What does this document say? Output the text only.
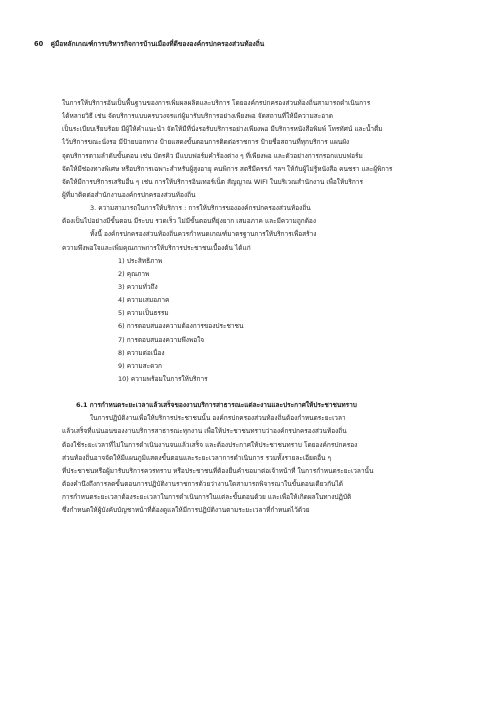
60 คู่มือหลักเกณฑ์การบริหารกิจการบ้านเมืองที่ดีขององค์กรปกครองส่วนท้องถิ่น
ในการให้บริการอันเป็นพื้นฐานของการเพิ่มผลผลิตและบริการ โดยองค์กรปกครองส่วนท้องถิ่นสามารถดำเนินการ
ได้หลายวิธี เช่น จัดบริการแบบครบวงจรแก่ผู้มารับบริการอย่างเพียงพอ จัดสถานที่ให้มีความสะอาด
เป็นระเบียบเรียบร้อย มีผู้ให้คำแนะนำ จัดให้มีที่นั่งรอรับบริการอย่างเพียงพอ มีบริการหนังสือพิมพ์ โทรทัศน์ และน้ำดื่ม
ไว้บริการขณะนั่งรอ มีป้ายบอกทาง ป้ายแสดงขั้นตอนการติดต่อราชการ ป้ายชื่อสถานที่ทุกบริการ แผนผัง
จุดบริการตามลำดับขั้นตอน เช่น บัตรคิว มีแบบฟอร์มคำร้องต่าง ๆ ที่เพียงพอ และตัวอย่างการกรอกแบบฟอร์ม
จัดให้มีช่องทางพิเศษ หรือบริการเฉพาะสำหรับผู้สูงอายุ คนพิการ สตรีมีครรภ์ ฯลฯ ให้กับผู้ไม่รู้หนังสือ คนชรา และผู้พิการ
จัดให้มีการบริการเสริมอื่น ๆ เช่น การให้บริการอินเทอร์เน็ต สัญญาณ WIFI ในบริเวณสำนักงาน เพื่อให้บริการ
ผู้ที่มาติดต่อสำนักงานองค์กรปกครองส่วนท้องถิ่น
3. ความสามารถในการให้บริการ : การให้บริการขององค์กรปกครองส่วนท้องถิ่น
ต้องเป็นไปอย่างมีขั้นตอน มีระบบ รวดเร็ว ไม่มีขั้นตอนที่ยุ่งยาก เสมอภาค และมีความถูกต้อง
ทั้งนี้ องค์กรปกครองส่วนท้องถิ่นควรกำหนดเกณฑ์มาตรฐานการให้บริการเพื่อสร้าง
ความพึงพอใจและเพิ่มคุณภาพการให้บริการประชาชนเบื้องต้น ได้แก่
1) ประสิทธิภาพ
2) คุณภาพ
3) ความทั่วถึง
4) ความเสมอภาค
5) ความเป็นธรรม
6) การตอบสนองความต้องการของประชาชน
7) การตอบสนองความพึงพอใจ
8) ความต่อเนื่อง
9) ความสะดวก
10) ความพร้อมในการให้บริการ
6.1 การกำหนดระยะเวลาแล้วเสร็จของงานบริการสาธารณะแต่ละงานและประกาศให้ประชาชนทราบ
ในการปฏิบัติงานเพื่อให้บริการประชาชนนั้น องค์กรปกครองส่วนท้องถิ่นต้องกำหนดระยะเวลา
แล้วเสร็จที่แน่นอนของงานบริการสาธารณะทุกงาน เพื่อให้ประชาชนทราบว่าองค์กรปกครองส่วนท้องถิ่น
ต้องใช้ระยะเวลาที่ไม่ในการดำเนินงานจนแล้วเสร็จ และต้องประกาศให้ประชาชนทราบ โดยองค์กรปกครอง
ส่วนท้องถิ่นอาจจัดให้มีแผนภูมิแสดงขั้นตอนและระยะเวลาการดำเนินการ รวมทั้งรายละเอียดอื่น ๆ
ที่ประชาชนหรือผู้มารับบริการควรทราบ หรือประชาชนที่ต้องยื่นคำขอมาต่อเจ้าหน้าที่ ในการกำหนดระยะเวลานั้น
ต้องคำนึงถึงการลดขั้นตอนการปฏิบัติงานราชการด้วยว่างานใดสามารถพิจารณาในขั้นตอนเดียวกันได้
การกำหนดระยะเวลาต้องระยะเวลาในการดำเนินการในแต่ละขั้นตอนด้วย และเพื่อให้เกิดผลในทางปฏิบัติ
ซึ่งกำหนดให้ผู้บังคับบัญชาหน้าที่ต้องดูแลให้มีการปฏิบัติงานตามระยะเวลาที่กำหนดไว้ด้วย
